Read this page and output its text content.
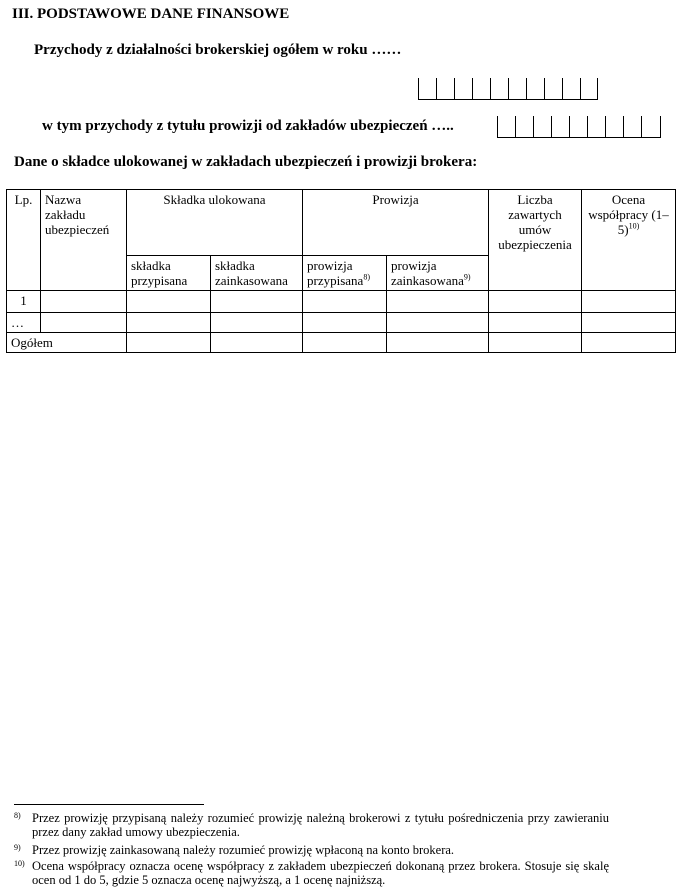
III. PODSTAWOWE DANE FINANSOWE
Przychody z działalności brokerskiej ogółem w roku ……
w tym przychody z tytułu prowizji od zakładów ubezpieczeń …..
Dane o składce ulokowanej w zakładach ubezpieczeń i prowizji brokera:
Lp.	Nazwa zakładu ubezpieczeń	Składka ulokowana		Prowizja		Liczba zawartych umów ubezpieczenia	Ocena współpracy $(1-5)^{10)}$
		składka przypisana	składka zainkasowana	prowizja przypisana$^{8)}$	prowizja zainkasowana$^{9)}$
1							
…							
Ogółem							
8) Przez prowizję przypisaną należy rozumieć prowizję należną brokerowi z tytułu pośredniczenia przy zawieraniu przez dany zakład umowy ubezpieczenia.
9) Przez prowizję zainkasowaną należy rozumieć prowizję wpłaconą na konto brokera.
10) Ocena współpracy oznacza ocenę współpracy z zakładem ubezpieczeń dokonaną przez brokera. Stosuje się skalę ocen od 1 do 5, gdzie 5 oznacza ocenę najwyższą, a 1 ocenę najniższą.
